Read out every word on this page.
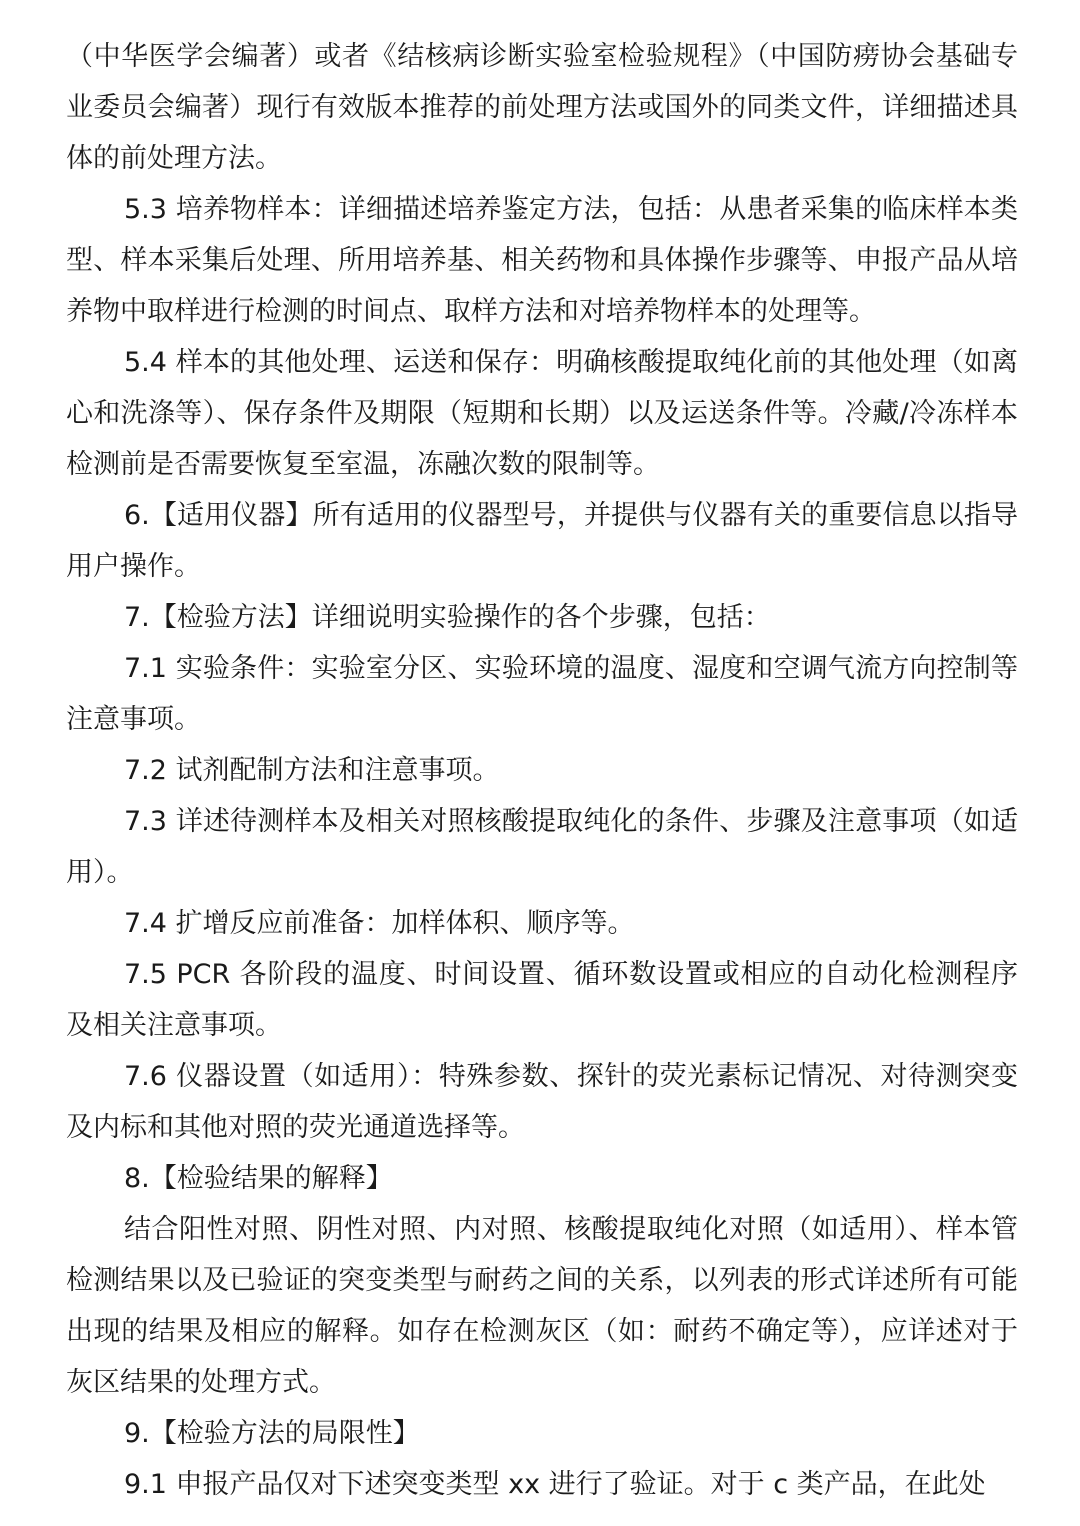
（中华医学会编著）或者《结核病诊断实验室检验规程》（中国防痨协会基础专业委员会编著）现行有效版本推荐的前处理方法或国外的同类文件，详细描述具体的前处理方法。

5.3 培养物样本：详细描述培养鉴定方法，包括：从患者采集的临床样本类型、样本采集后处理、所用培养基、相关药物和具体操作步骤等、申报产品从培养物中取样进行检测的时间点、取样方法和对培养物样本的处理等。

5.4 样本的其他处理、运送和保存：明确核酸提取纯化前的其他处理（如离心和洗涤等）、保存条件及期限（短期和长期）以及运送条件等。冷藏/冷冻样本检测前是否需要恢复至室温，冻融次数的限制等。

6.【适用仪器】所有适用的仪器型号，并提供与仪器有关的重要信息以指导用户操作。

7.【检验方法】详细说明实验操作的各个步骤，包括：

7.1 实验条件：实验室分区、实验环境的温度、湿度和空调气流方向控制等注意事项。

7.2 试剂配制方法和注意事项。

7.3 详述待测样本及相关对照核酸提取纯化的条件、步骤及注意事项（如适用）。

7.4 扩增反应前准备：加样体积、顺序等。

7.5 PCR 各阶段的温度、时间设置、循环数设置或相应的自动化检测程序及相关注意事项。

7.6 仪器设置（如适用）：特殊参数、探针的荧光素标记情况、对待测突变及内标和其他对照的荧光通道选择等。

8.【检验结果的解释】

结合阳性对照、阴性对照、内对照、核酸提取纯化对照（如适用）、样本管检测结果以及已验证的突变类型与耐药之间的关系，以列表的形式详述所有可能出现的结果及相应的解释。如存在检测灰区（如：耐药不确定等），应详述对于灰区结果的处理方式。

9.【检验方法的局限性】

9.1 申报产品仅对下述突变类型 xx 进行了验证。对于 c 类产品，在此处
